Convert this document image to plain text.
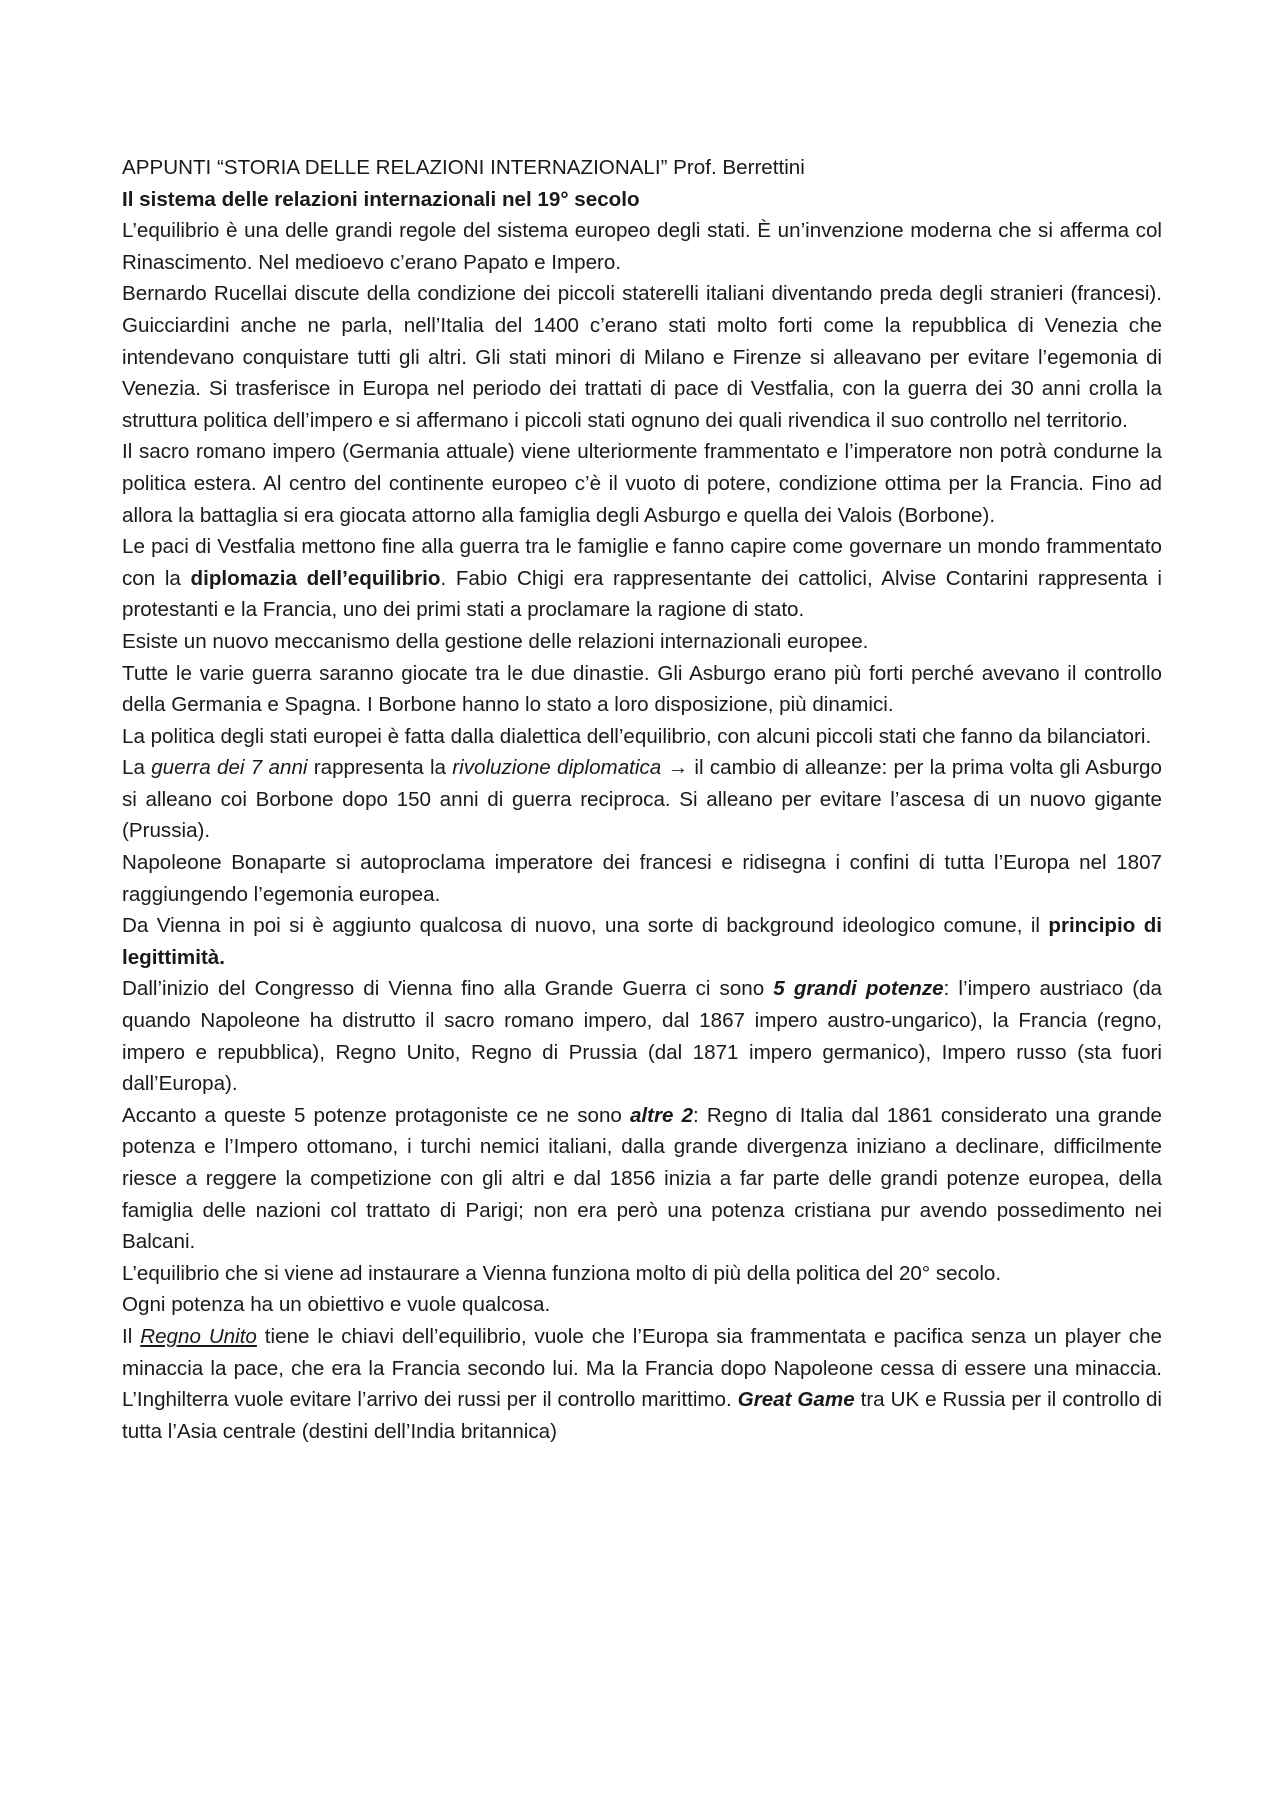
APPUNTI “STORIA DELLE RELAZIONI INTERNAZIONALI” Prof. Berrettini

Il sistema delle relazioni internazionali nel 19° secolo

L’equilibrio è una delle grandi regole del sistema europeo degli stati. È un’invenzione moderna che si afferma col Rinascimento. Nel medioevo c’erano Papato e Impero.

Bernardo Rucellai discute della condizione dei piccoli staterelli italiani diventando preda degli stranieri (francesi). Guicciardini anche ne parla, nell’Italia del 1400 c’erano stati molto forti come la repubblica di Venezia che intendevano conquistare tutti gli altri. Gli stati minori di Milano e Firenze si alleavano per evitare l’egemonia di Venezia. Si trasferisce in Europa nel periodo dei trattati di pace di Vestfalia, con la guerra dei 30 anni crolla la struttura politica dell’impero e si affermano i piccoli stati ognuno dei quali rivendica il suo controllo nel territorio.

Il sacro romano impero (Germania attuale) viene ulteriormente frammentato e l’imperatore non potrà condurne la politica estera. Al centro del continente europeo c’è il vuoto di potere, condizione ottima per la Francia. Fino ad allora la battaglia si era giocata attorno alla famiglia degli Asburgo e quella dei Valois (Borbone).

Le paci di Vestfalia mettono fine alla guerra tra le famiglie e fanno capire come governare un mondo frammentato con la diplomazia dell’equilibrio. Fabio Chigi era rappresentante dei cattolici, Alvise Contarini rappresenta i protestanti e la Francia, uno dei primi stati a proclamare la ragione di stato.

Esiste un nuovo meccanismo della gestione delle relazioni internazionali europee.

Tutte le varie guerra saranno giocate tra le due dinastie. Gli Asburgo erano più forti perché avevano il controllo della Germania e Spagna. I Borbone hanno lo stato a loro disposizione, più dinamici.

La politica degli stati europei è fatta dalla dialettica dell’equilibrio, con alcuni piccoli stati che fanno da bilanciatori.

La guerra dei 7 anni rappresenta la rivoluzione diplomatica → il cambio di alleanze: per la prima volta gli Asburgo si alleano coi Borbone dopo 150 anni di guerra reciproca. Si alleano per evitare l’ascesa di un nuovo gigante (Prussia).

Napoleone Bonaparte si autoproclama imperatore dei francesi e ridisegna i confini di tutta l’Europa nel 1807 raggiungendo l’egemonia europea.

Da Vienna in poi si è aggiunto qualcosa di nuovo, una sorte di background ideologico comune, il principio di legittimità.

Dall’inizio del Congresso di Vienna fino alla Grande Guerra ci sono 5 grandi potenze: l’impero austriaco (da quando Napoleone ha distrutto il sacro romano impero, dal 1867 impero austro-ungarico), la Francia (regno, impero e repubblica), Regno Unito, Regno di Prussia (dal 1871 impero germanico), Impero russo (sta fuori dall’Europa).

Accanto a queste 5 potenze protagoniste ce ne sono altre 2: Regno di Italia dal 1861 considerato una grande potenza e l’Impero ottomano, i turchi nemici italiani, dalla grande divergenza iniziano a declinare, difficilmente riesce a reggere la competizione con gli altri e dal 1856 inizia a far parte delle grandi potenze europea, della famiglia delle nazioni col trattato di Parigi; non era però una potenza cristiana pur avendo possedimento nei Balcani.

L’equilibrio che si viene ad instaurare a Vienna funziona molto di più della politica del 20° secolo.

Ogni potenza ha un obiettivo e vuole qualcosa.

Il Regno Unito tiene le chiavi dell’equilibrio, vuole che l’Europa sia frammentata e pacifica senza un player che minaccia la pace, che era la Francia secondo lui. Ma la Francia dopo Napoleone cessa di essere una minaccia. L’Inghilterra vuole evitare l’arrivo dei russi per il controllo marittimo. Great Game tra UK e Russia per il controllo di tutta l’Asia centrale (destini dell’India britannica)
